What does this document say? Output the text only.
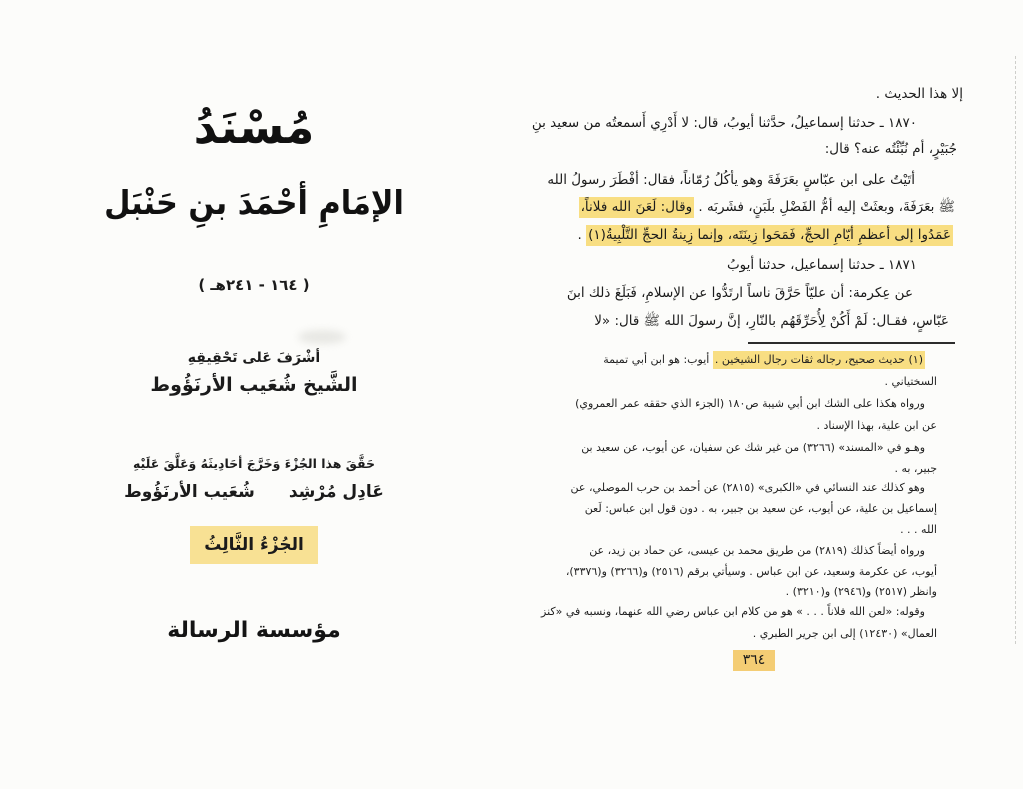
مُسْنَدُ
الإمَامِ أحْمَدَ بنِ حَنْبَل
( ١٦٤ - ٢٤١هـ )
أشْرَفَ عَلى تَحْقِيقِهِ
الشَّيخ شُعَيب الأرنَؤُوط
حَقَّقَ هذا الجُزْءَ وَخَرَّجَ أحَادِيثَهُ وَعَلَّقَ عَلَيْهِ
عَادِل مُرْشِد
شُعَيب الأرنَؤُوط
الجُزْءُ الثَّالِثُ
مؤسسة الرسالة
إلا هذا الحديث .
١٨٧٠ ـ حدثنا إسماعيلُ، حدَّثنا أيوبُ، قال: لا أَدْرِي أَسمعتُه من سعيد بنِ
جُبَيْرٍ، أم نُبِّئْتُه عنه؟ قال:
أتَيْتُ على ابن عبّاسٍ بعَرَفَةَ وهو يأكُلُ رُمّاناً، فقال: أفْطَرَ رسولُ الله
ﷺ بعَرَفَةَ، وبعثَتْ إليه أمُّ الفَضْلِ بلَبَنٍ، فشَربَه . وقال: لَعَنَ الله فلاناً،
عَمَدُوا إلى أعظمِ أيّامِ الحجِّ، فَمَحَوا زِينَتَه، وإنما زِينةُ الحجِّ التَّلْبِيةُ(١) .
١٨٧١ ـ حدثنا إسماعيل، حدثنا أيوبُ
عن عِكرمة: أن عليّاً حَرَّقَ ناساً ارتَدُّوا عن الإسلامِ، فَبَلَغَ ذلك ابنَ
عَبّاسٍ، فقـال: لَمْ أَكُنْ لِأُحَرِّقَهُم بالنّارِ، إنَّ رسولَ الله ﷺ قال: «لا
(١) حديث صحيح، رجاله ثقات رجال الشيخين . أيوب: هو ابن أبي تميمة
السختياني .
ورواه هكذا على الشك ابن أبي شيبة ص١٨٠ (الجزء الذي حققه عمر العمروي)
عن ابن علية، بهذا الإسناد .
وهـو في «المسند» (٣٢٦٦) من غير شك عن سفيان، عن أيوب، عن سعيد بن
جبير، به .
وهو كذلك عند النسائي في «الكبرى» (٢٨١٥) عن أحمد بن حرب الموصلي، عن
إسماعيل بن علية، عن أيوب، عن سعيد بن جبير، به . دون قول ابن عباس: لَعن
الله . . .
ورواه أيضاً كذلك (٢٨١٩) من طريق محمد بن عيسى، عن حماد بن زيد، عن
أيوب، عن عكرمة وسعيد، عن ابن عباس . وسيأتي برقم (٢٥١٦) و(٣٢٦٦) و(٣٣٧٦)،
وانظر (٢٥١٧) و(٢٩٤٦) و(٣٢١٠) .
وقوله: «لعن الله فلاناً . . . » هو من كلام ابن عباس رضي الله عنهما، ونسبه في «كنز
العمال» (١٢٤٣٠) إلى ابن جرير الطبري .
٣٦٤
